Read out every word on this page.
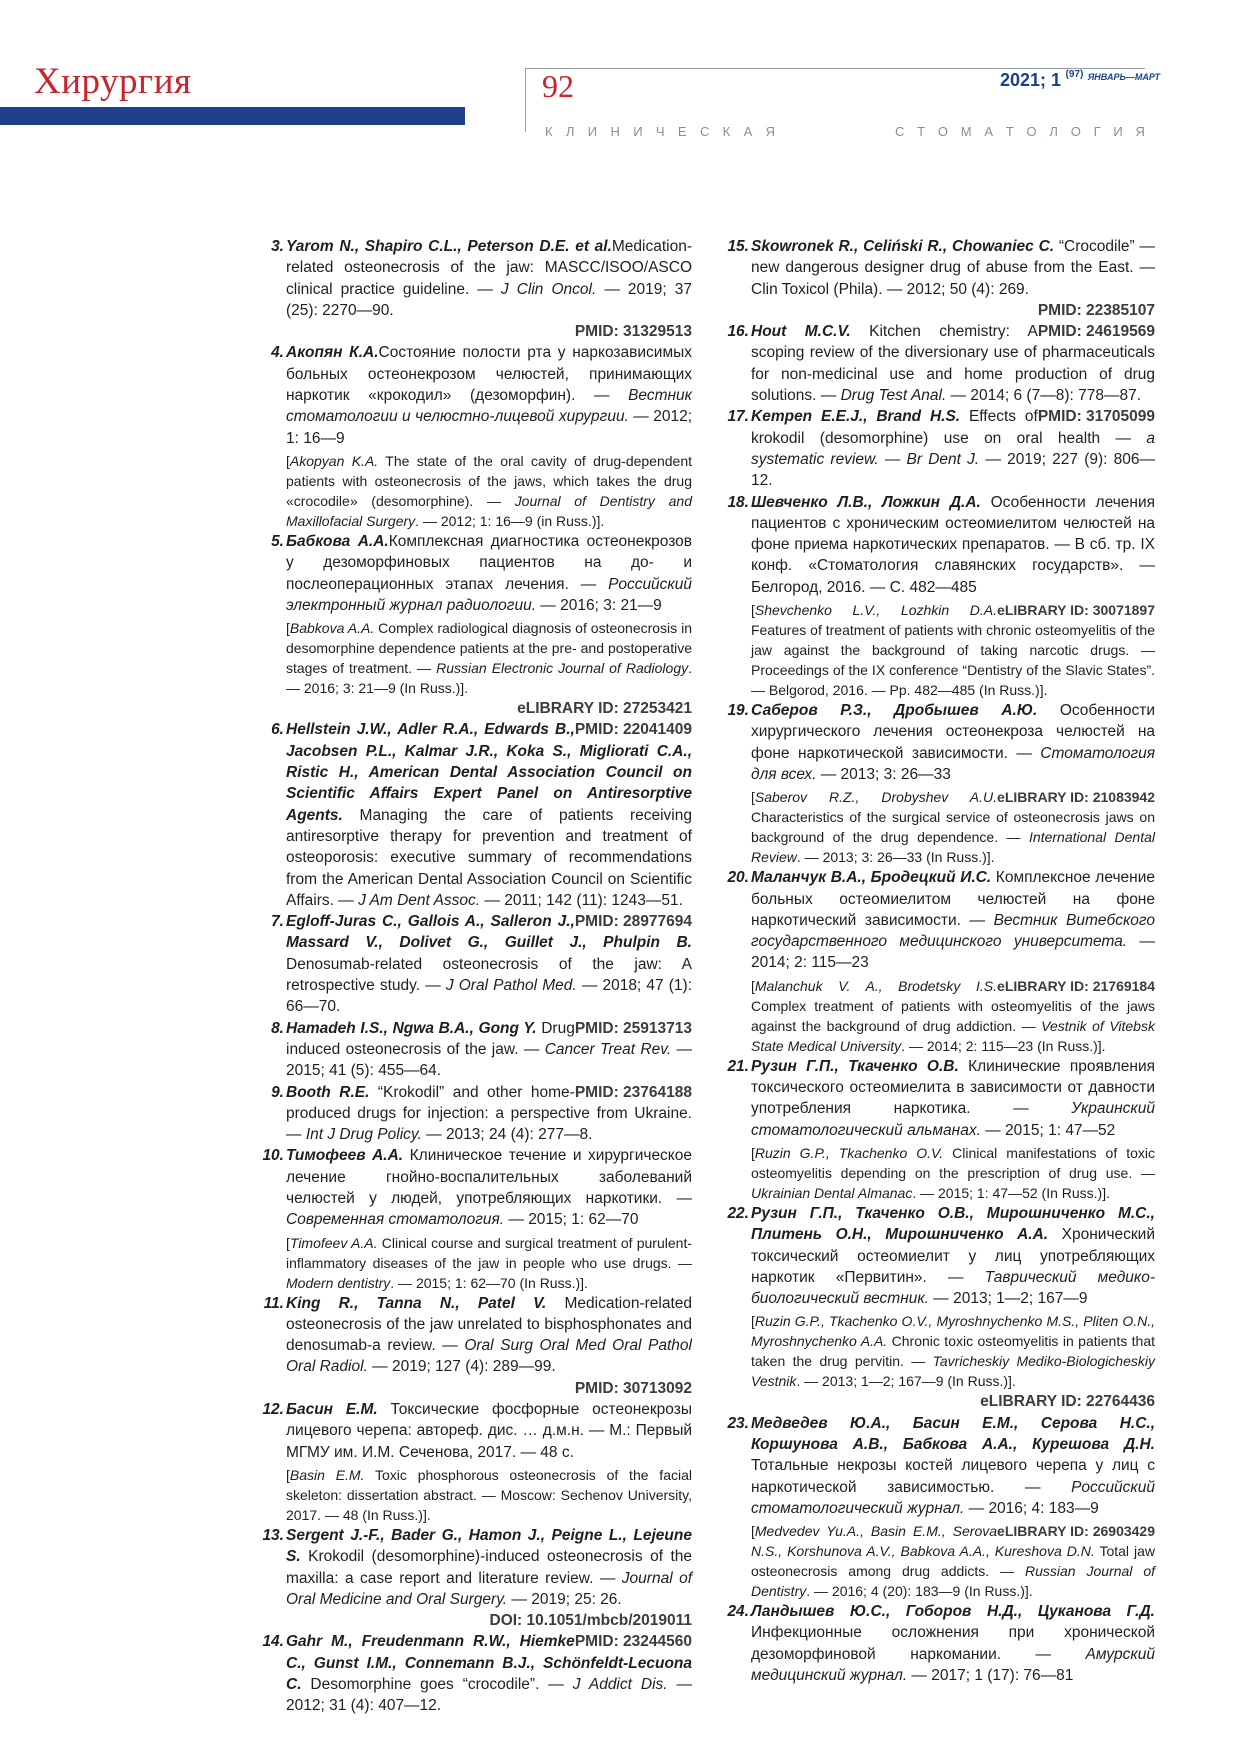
Хирургия	92	2021; 1 $^{(97)}$ $^{ЯНВАРЬ—МАРТ}$
К Л И Н И Ч Е С К А Я	С Т О М А Т О Л О Г И Я
3. Yarom N., Shapiro C.L., Peterson D.E. et al.Medication-related osteonecrosis of the jaw: MASCC/ISOO/ASCO clinical practice guideline. — J Clin Oncol. — 2019; 37 (25): 2270—90.
PMID: 31329513
4. Акопян К.А.Состояние полости рта у наркозависимых больных остеонекрозом челюстей, принимающих наркотик «крокодил» (дезоморфин). — Вестник стоматологии и челюстно-лицевой хирургии. — 2012; 1: 16—9
[Akopyan K.A. The state of the oral cavity of drug-dependent patients with osteonecrosis of the jaws, which takes the drug «crocodile» (desomorphine). — Journal of Dentistry and Maxillofacial Surgery. — 2012; 1: 16—9 (in Russ.)].
5. Бабкова А.А.Комплексная диагностика остеонекрозов у дезоморфиновых пациентов на до- и послеоперационных этапах лечения. — Российский электронный журнал радиологии. — 2016; 3: 21—9
[Babkova A.A. Complex radiological diagnosis of osteonecrosis in desomorphine dependence patients at the pre- and postoperative stages of treatment. — Russian Electronic Journal of Radiology. — 2016; 3: 21—9 (In Russ.)].
eLIBRARY ID: 27253421
6.	PMID: 22041409
Hellstein J.W., Adler R.A., Edwards B., Jacobsen P.L., Kalmar J.R., Koka S., Migliorati C.A., Ristic H., American Dental Association Council on Scientific Affairs Expert Panel on Antiresorptive Agents. Managing the care of patients receiving antiresorptive therapy for prevention and treatment of osteoporosis: executive summary of recommendations from the American Dental Association Council on Scientific Affairs. — J Am Dent Assoc. — 2011; 142 (11): 1243—51.
7.	PMID: 28977694
Egloff-Juras C., Gallois A., Salleron J., Massard V., Dolivet G., Guillet J., Phulpin B. Denosumab-related osteonecrosis of the jaw: A retrospective study. — J Oral Pathol Med. — 2018; 47 (1): 66—70.
8.	PMID: 25913713
Hamadeh I.S., Ngwa B.A., Gong Y. Drug induced osteonecrosis of the jaw. — Cancer Treat Rev. — 2015; 41 (5): 455—64.
9.	PMID: 23764188
Booth R.E. “Krokodil” and other home-produced drugs for injection: a perspective from Ukraine. — Int J Drug Policy. — 2013; 24 (4): 277—8.
10. Тимофеев А.А. Клиническое течение и хирургическое лечение гнойно-воспалительных заболеваний челюстей у людей, употребляющих наркотики. — Современная стоматология. — 2015; 1: 62—70
[Timofeev A.A. Clinical course and surgical treatment of purulent-inflammatory diseases of the jaw in people who use drugs. — Modern dentistry. — 2015; 1: 62—70 (In Russ.)].
11. King R., Tanna N., Patel V. Medication-related osteonecrosis of the jaw unrelated to bisphosphonates and denosumab-a review. — Oral Surg Oral Med Oral Pathol Oral Radiol. — 2019; 127 (4): 289—99.
PMID: 30713092
12. Басин Е.М. Токсические фосфорные остеонекрозы лицевого черепа: автореф. дис. … д.м.н. — М.: Первый МГМУ им. И.М. Сеченова, 2017. — 48 с.
[Basin E.M. Toxic phosphorous osteonecrosis of the facial skeleton: dissertation abstract. — Moscow: Sechenov University, 2017. — 48 (In Russ.)].
13. Sergent J.-F., Bader G., Hamon J., Peigne L., Lejeune S. Krokodil (desomorphine)-induced osteonecrosis of the maxilla: a case report and literature review. — Journal of Oral Medicine and Oral Surgery. — 2019; 25: 26.
DOI: 10.1051/mbcb/2019011
14.	PMID: 23244560
Gahr M., Freudenmann R.W., Hiemke C., Gunst I.M., Connemann B.J., Schönfeldt-Lecuona C. Desomorphine goes “crocodile”. — J Addict Dis. — 2012; 31 (4): 407—12.
15. Skowronek R., Celiński R., Chowaniec C. “Crocodile” — new dangerous designer drug of abuse from the East. — Clin Toxicol (Phila). — 2012; 50 (4): 269.
PMID: 22385107
16.	PMID: 24619569
Hout M.C.V. Kitchen chemistry: A scoping review of the diversionary use of pharmaceuticals for non-medicinal use and home production of drug solutions. — Drug Test Anal. — 2014; 6 (7—8): 778—87.
17.	PMID: 31705099
Kempen E.E.J., Brand H.S. Effects of krokodil (desomorphine) use on oral health — a systematic review. — Br Dent J. — 2019; 227 (9): 806—12.
18. Шевченко Л.В., Ложкин Д.А. Особенности лечения пациентов с хроническим остеомиелитом челюстей на фоне приема наркотических препаратов. — В сб. тр. IX конф. «Стоматология славянских государств». — Белгород, 2016. — С. 482—485
eLIBRARY ID: 30071897
[Shevchenko L.V., Lozhkin D.A. Features of treatment of patients with chronic osteomyelitis of the jaw against the background of taking narcotic drugs. — Proceedings of the IX conference “Dentistry of the Slavic States”. — Belgorod, 2016. — Pp. 482—485 (In Russ.)].
19. Саберов Р.З., Дробышев А.Ю. Особенности хирургического лечения остеонекроза челюстей на фоне наркотической зависимости. — Стоматология для всех. — 2013; 3: 26—33
eLIBRARY ID: 21083942
[Saberov R.Z., Drobyshev A.U. Characteristics of the surgical service of osteonecrosis jaws on background of the drug dependence. — International Dental Review. — 2013; 3: 26—33 (In Russ.)].
20. Маланчук В.А., Бродецкий И.С. Комплексное лечение больных остеомиелитом челюстей на фоне наркотический зависимости. — Вестник Витебского государственного медицинского университета. — 2014; 2: 115—23
eLIBRARY ID: 21769184
[Malanchuk V. A., Brodetsky I.S. Complex treatment of patients with osteomyelitis of the jaws against the background of drug addiction. — Vestnik of Vitebsk State Medical University. — 2014; 2: 115—23 (In Russ.)].
21. Рузин Г.П., Ткаченко О.В. Клинические проявления токсического остеомиелита в зависимости от давности употребления наркотика. — Украинский стоматологический альманах. — 2015; 1: 47—52
[Ruzin G.P., Tkachenko O.V. Clinical manifestations of toxic osteomyelitis depending on the prescription of drug use. — Ukrainian Dental Almanac. — 2015; 1: 47—52 (In Russ.)].
22. Рузин Г.П., Ткаченко О.В., Мирошниченко М.С., Плитень О.Н., Мирошниченко А.А. Хронический токсический остеомиелит у лиц употребляющих наркотик «Первитин». — Таврический медико-биологический вестник. — 2013; 1—2; 167—9
[Ruzin G.P., Tkachenko O.V., Myroshnychenko M.S., Pliten O.N., Myroshnychenko A.A. Chronic toxic osteomyelitis in patients that taken the drug pervitin. — Tavricheskiy Mediko-Biologicheskiy Vestnik. — 2013; 1—2; 167—9 (In Russ.)].
eLIBRARY ID: 22764436
23. Медведев Ю.А., Басин Е.М., Серова Н.С., Коршунова А.В., Бабкова А.А., Курешова Д.Н. Тотальные некрозы костей лицевого черепа у лиц с наркотической зависимостью. — Российский стоматологический журнал. — 2016; 4: 183—9
eLIBRARY ID: 26903429
[Medvedev Yu.A., Basin E.M., Serova N.S., Korshunova A.V., Babkova A.A., Kureshova D.N. Total jaw osteonecrosis among drug addicts. — Russian Journal of Dentistry. — 2016; 4 (20): 183—9 (In Russ.)].
24. Ландышев Ю.С., Гоборов Н.Д., Цуканова Г.Д. Инфекционные осложнения при хронической дезоморфиновой наркомании. — Амурский медицинский журнал. — 2017; 1 (17): 76—81
